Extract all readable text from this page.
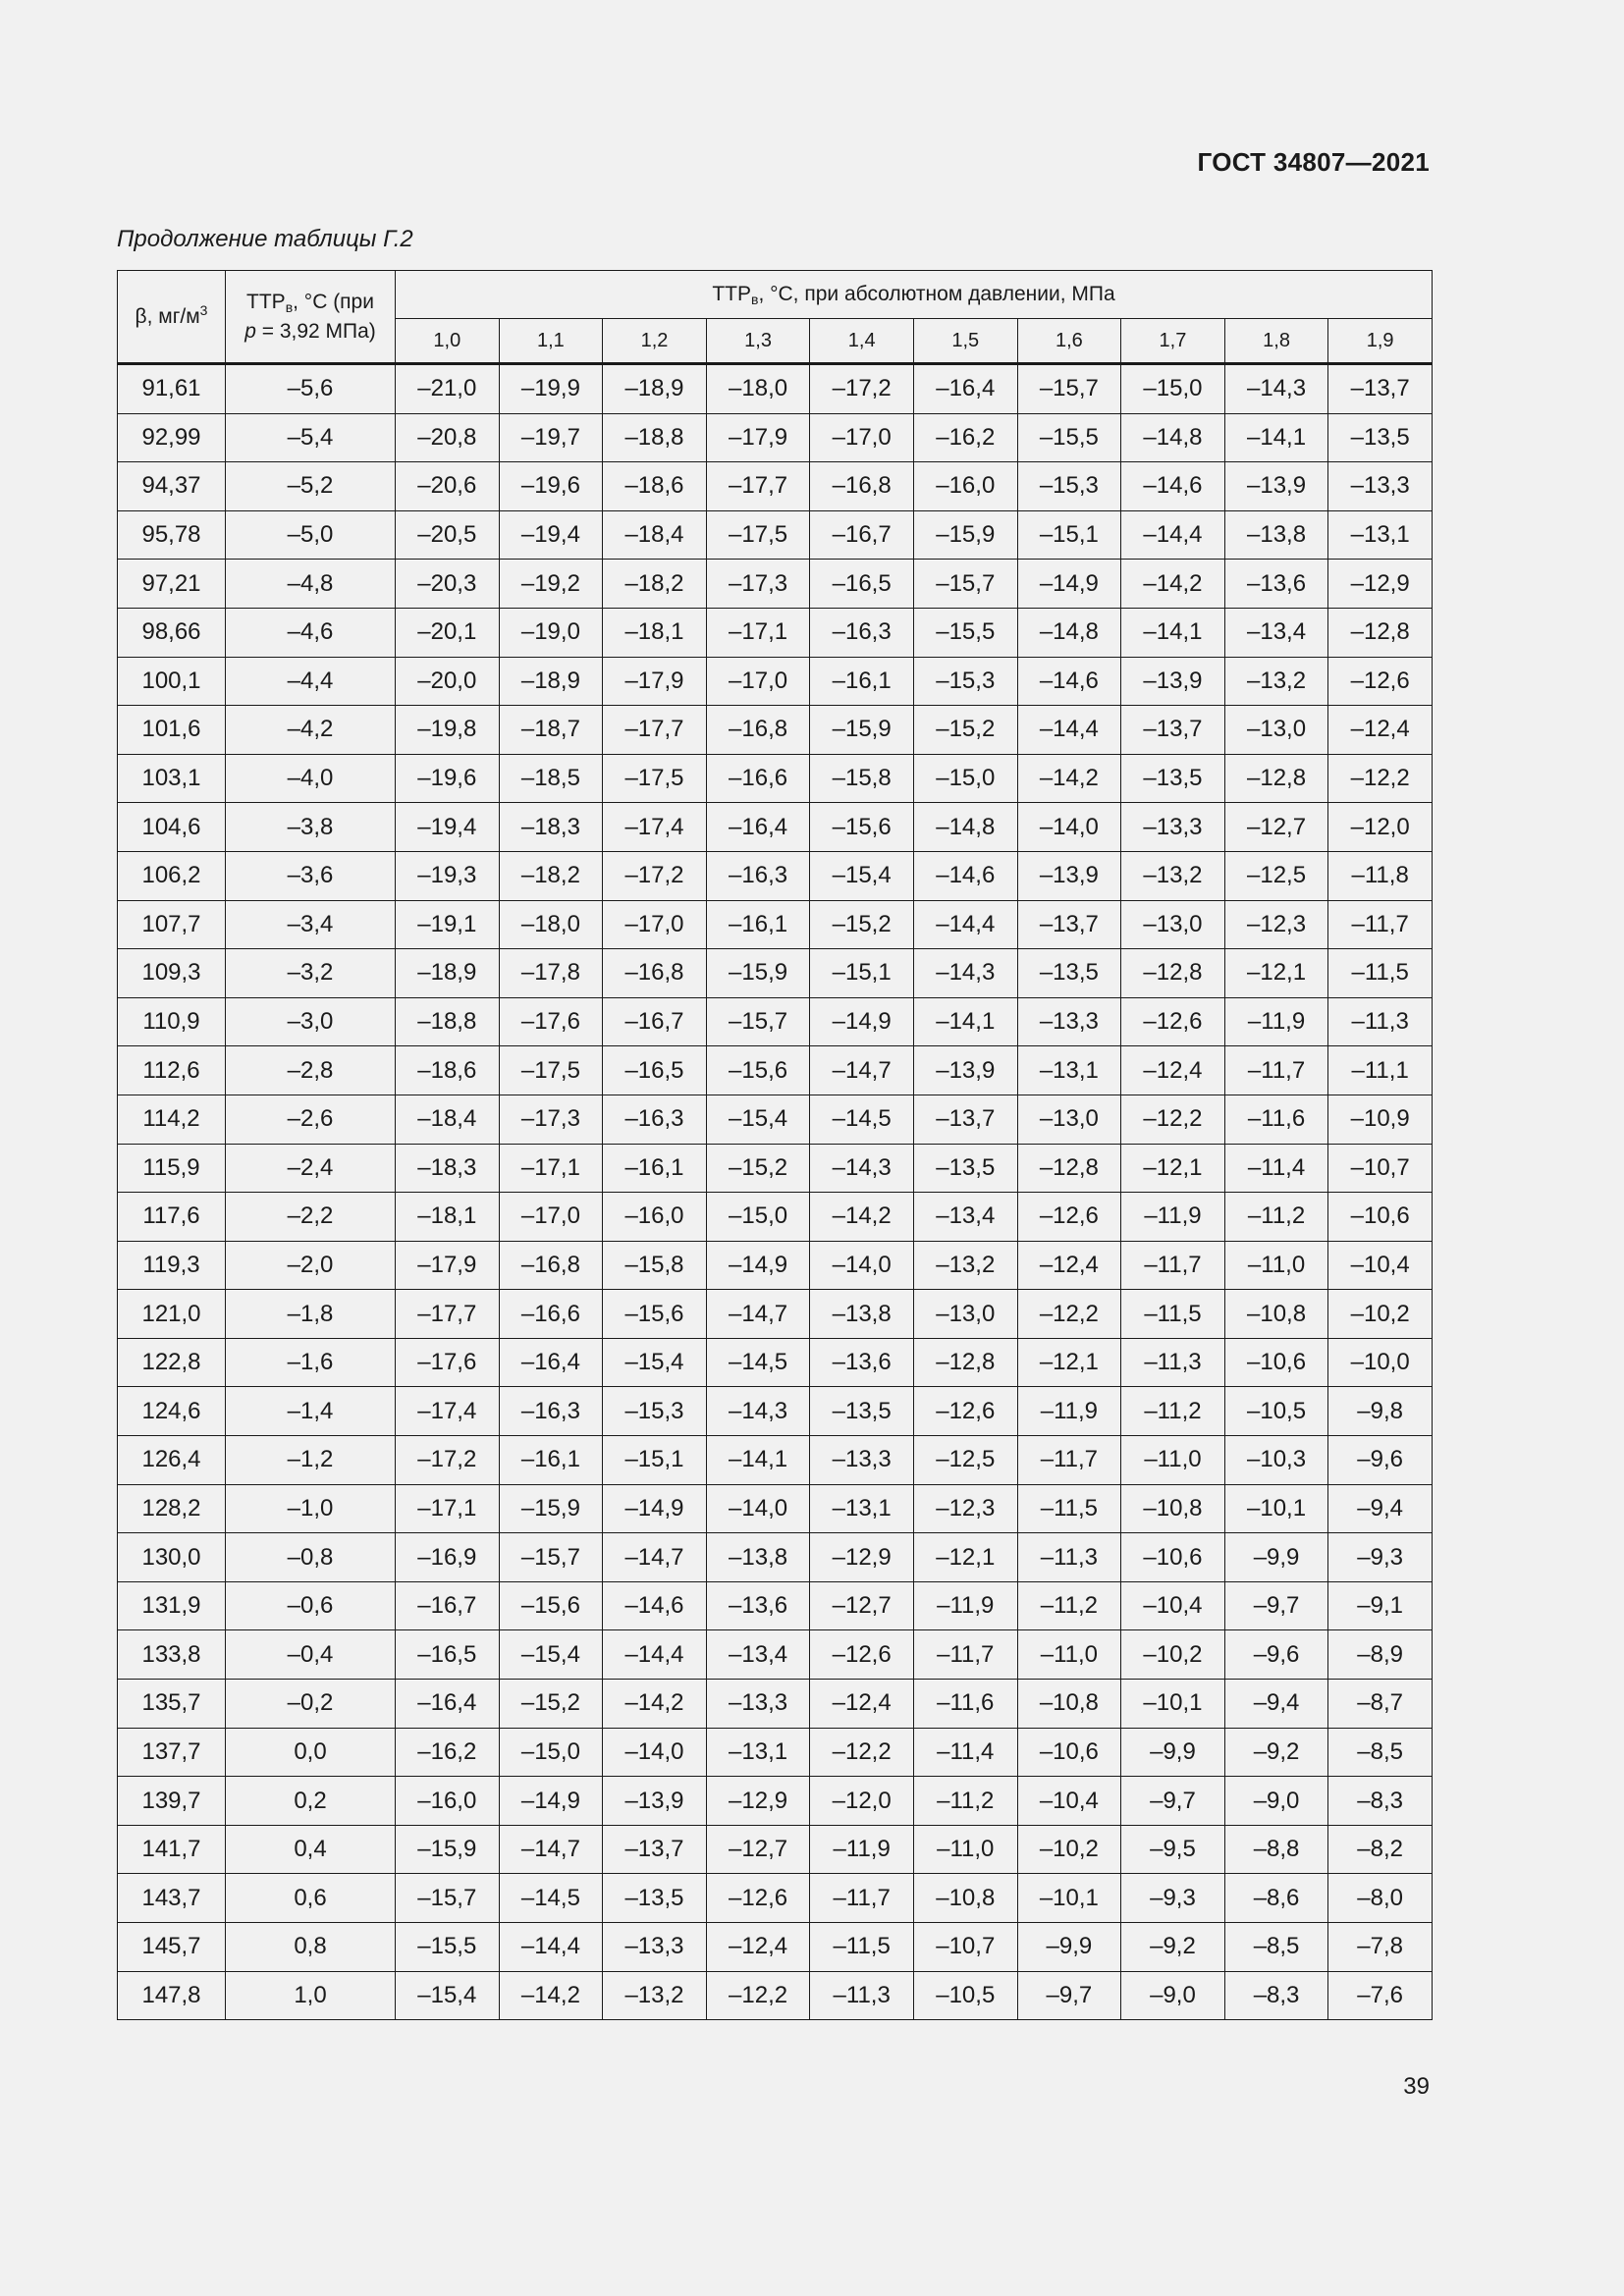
ГОСТ 34807—2021
Продолжение таблицы Г.2
β, $мг/м^3$	$ТТР_в$, °С (при
р = 3,92 МПа)	$ТТР_в$, °С, при абсолютном давлении, МПа									
		1,0	1,1	1,2	1,3	1,4	1,5	1,6	1,7	1,8	1,9
91,61	–5,6	–21,0	–19,9	–18,9	–18,0	–17,2	–16,4	–15,7	–15,0	–14,3	–13,7
92,99	–5,4	–20,8	–19,7	–18,8	–17,9	–17,0	–16,2	–15,5	–14,8	–14,1	–13,5
94,37	–5,2	–20,6	–19,6	–18,6	–17,7	–16,8	–16,0	–15,3	–14,6	–13,9	–13,3
95,78	–5,0	–20,5	–19,4	–18,4	–17,5	–16,7	–15,9	–15,1	–14,4	–13,8	–13,1
97,21	–4,8	–20,3	–19,2	–18,2	–17,3	–16,5	–15,7	–14,9	–14,2	–13,6	–12,9
98,66	–4,6	–20,1	–19,0	–18,1	–17,1	–16,3	–15,5	–14,8	–14,1	–13,4	–12,8
100,1	–4,4	–20,0	–18,9	–17,9	–17,0	–16,1	–15,3	–14,6	–13,9	–13,2	–12,6
101,6	–4,2	–19,8	–18,7	–17,7	–16,8	–15,9	–15,2	–14,4	–13,7	–13,0	–12,4
103,1	–4,0	–19,6	–18,5	–17,5	–16,6	–15,8	–15,0	–14,2	–13,5	–12,8	–12,2
104,6	–3,8	–19,4	–18,3	–17,4	–16,4	–15,6	–14,8	–14,0	–13,3	–12,7	–12,0
106,2	–3,6	–19,3	–18,2	–17,2	–16,3	–15,4	–14,6	–13,9	–13,2	–12,5	–11,8
107,7	–3,4	–19,1	–18,0	–17,0	–16,1	–15,2	–14,4	–13,7	–13,0	–12,3	–11,7
109,3	–3,2	–18,9	–17,8	–16,8	–15,9	–15,1	–14,3	–13,5	–12,8	–12,1	–11,5
110,9	–3,0	–18,8	–17,6	–16,7	–15,7	–14,9	–14,1	–13,3	–12,6	–11,9	–11,3
112,6	–2,8	–18,6	–17,5	–16,5	–15,6	–14,7	–13,9	–13,1	–12,4	–11,7	–11,1
114,2	–2,6	–18,4	–17,3	–16,3	–15,4	–14,5	–13,7	–13,0	–12,2	–11,6	–10,9
115,9	–2,4	–18,3	–17,1	–16,1	–15,2	–14,3	–13,5	–12,8	–12,1	–11,4	–10,7
117,6	–2,2	–18,1	–17,0	–16,0	–15,0	–14,2	–13,4	–12,6	–11,9	–11,2	–10,6
119,3	–2,0	–17,9	–16,8	–15,8	–14,9	–14,0	–13,2	–12,4	–11,7	–11,0	–10,4
121,0	–1,8	–17,7	–16,6	–15,6	–14,7	–13,8	–13,0	–12,2	–11,5	–10,8	–10,2
122,8	–1,6	–17,6	–16,4	–15,4	–14,5	–13,6	–12,8	–12,1	–11,3	–10,6	–10,0
124,6	–1,4	–17,4	–16,3	–15,3	–14,3	–13,5	–12,6	–11,9	–11,2	–10,5	–9,8
126,4	–1,2	–17,2	–16,1	–15,1	–14,1	–13,3	–12,5	–11,7	–11,0	–10,3	–9,6
128,2	–1,0	–17,1	–15,9	–14,9	–14,0	–13,1	–12,3	–11,5	–10,8	–10,1	–9,4
130,0	–0,8	–16,9	–15,7	–14,7	–13,8	–12,9	–12,1	–11,3	–10,6	–9,9	–9,3
131,9	–0,6	–16,7	–15,6	–14,6	–13,6	–12,7	–11,9	–11,2	–10,4	–9,7	–9,1
133,8	–0,4	–16,5	–15,4	–14,4	–13,4	–12,6	–11,7	–11,0	–10,2	–9,6	–8,9
135,7	–0,2	–16,4	–15,2	–14,2	–13,3	–12,4	–11,6	–10,8	–10,1	–9,4	–8,7
137,7	0,0	–16,2	–15,0	–14,0	–13,1	–12,2	–11,4	–10,6	–9,9	–9,2	–8,5
139,7	0,2	–16,0	–14,9	–13,9	–12,9	–12,0	–11,2	–10,4	–9,7	–9,0	–8,3
141,7	0,4	–15,9	–14,7	–13,7	–12,7	–11,9	–11,0	–10,2	–9,5	–8,8	–8,2
143,7	0,6	–15,7	–14,5	–13,5	–12,6	–11,7	–10,8	–10,1	–9,3	–8,6	–8,0
145,7	0,8	–15,5	–14,4	–13,3	–12,4	–11,5	–10,7	–9,9	–9,2	–8,5	–7,8
147,8	1,0	–15,4	–14,2	–13,2	–12,2	–11,3	–10,5	–9,7	–9,0	–8,3	–7,6
39
